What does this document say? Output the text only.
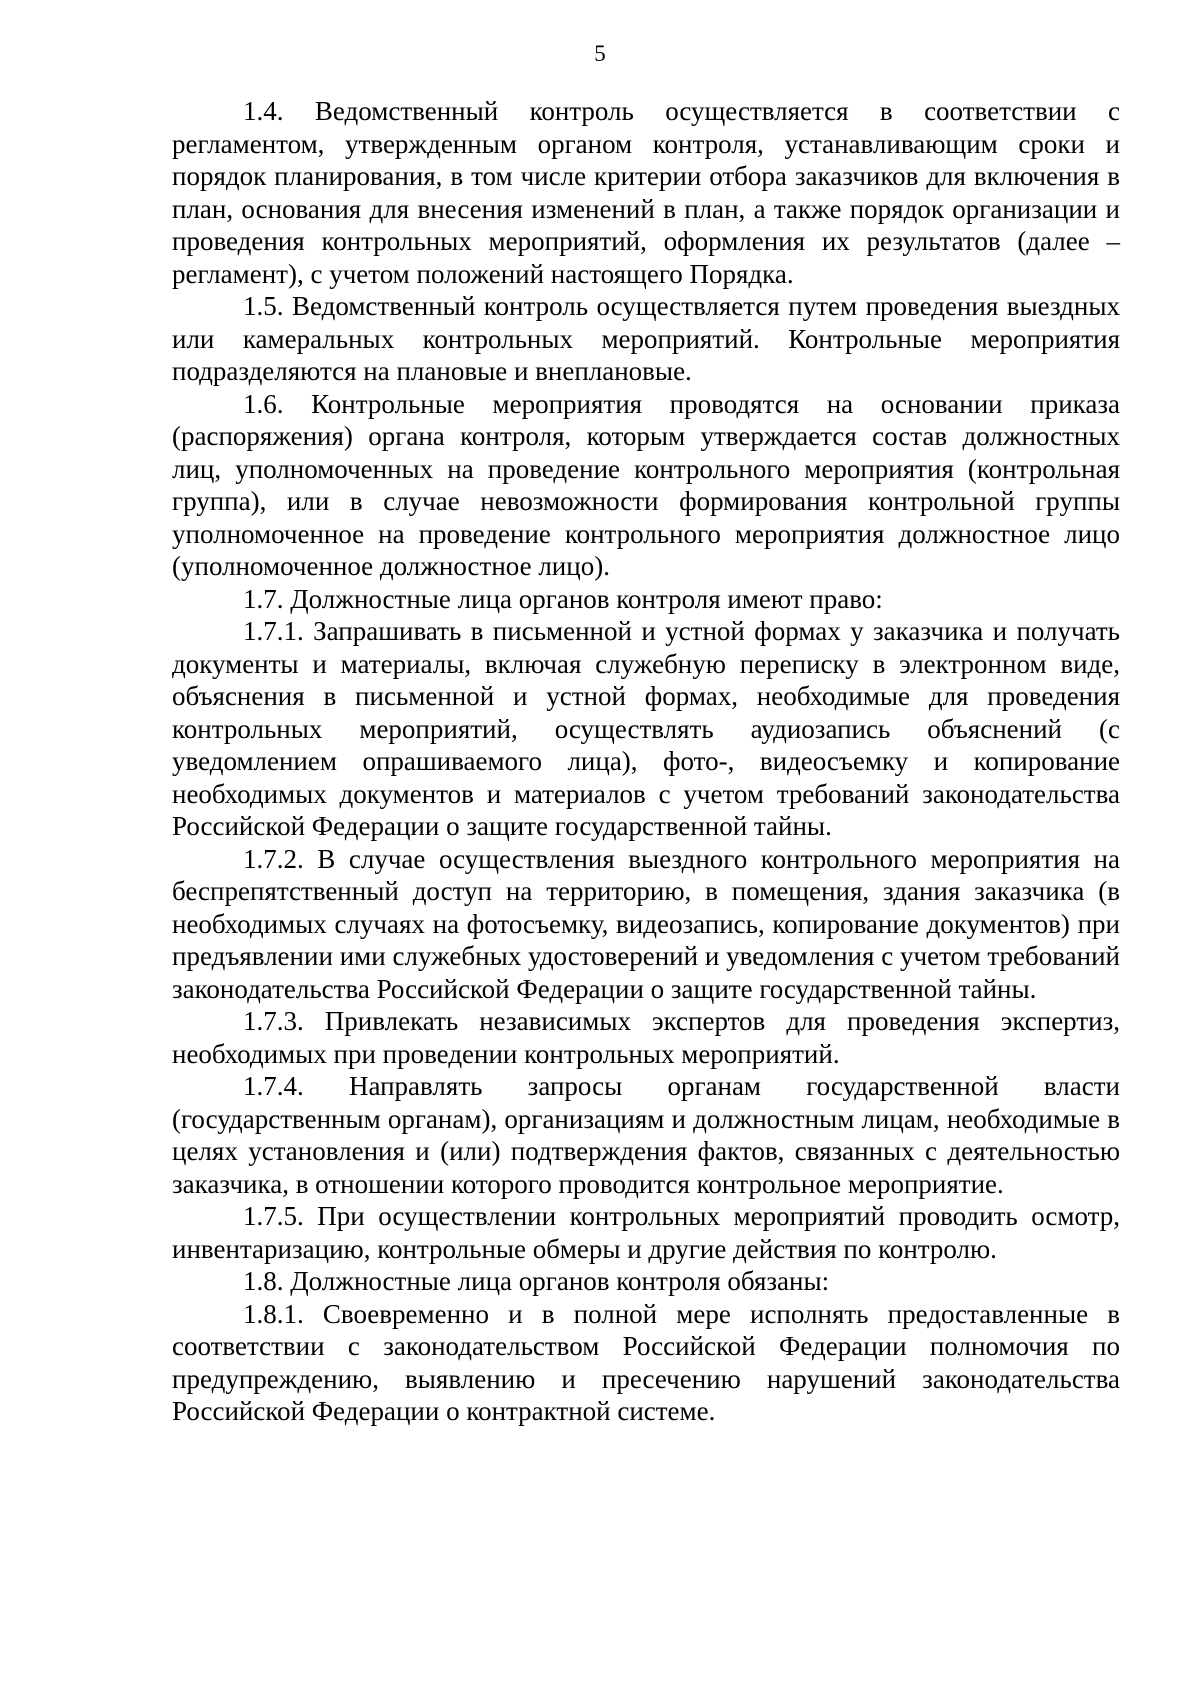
5

1.4. Ведомственный контроль осуществляется в соответствии с регламентом, утвержденным органом контроля, устанавливающим сроки и порядок планирования, в том числе критерии отбора заказчиков для включения в план, основания для внесения изменений в план, а также порядок организации и проведения контрольных мероприятий, оформления их результатов (далее – регламент), с учетом положений настоящего Порядка.

1.5. Ведомственный контроль осуществляется путем проведения выездных или камеральных контрольных мероприятий. Контрольные мероприятия подразделяются на плановые и внеплановые.

1.6. Контрольные мероприятия проводятся на основании приказа (распоряжения) органа контроля, которым утверждается состав должностных лиц, уполномоченных на проведение контрольного мероприятия (контрольная группа), или в случае невозможности формирования контрольной группы уполномоченное на проведение контрольного мероприятия должностное лицо (уполномоченное должностное лицо).

1.7. Должностные лица органов контроля имеют право:

1.7.1. Запрашивать в письменной и устной формах у заказчика и получать документы и материалы, включая служебную переписку в электронном виде, объяснения в письменной и устной формах, необходимые для проведения контрольных мероприятий, осуществлять аудиозапись объяснений (с уведомлением опрашиваемого лица), фото-, видеосъемку и копирование необходимых документов и материалов с учетом требований законодательства Российской Федерации о защите государственной тайны.

1.7.2. В случае осуществления выездного контрольного мероприятия на беспрепятственный доступ на территорию, в помещения, здания заказчика (в необходимых случаях на фотосъемку, видеозапись, копирование документов) при предъявлении ими служебных удостоверений и уведомления с учетом требований законодательства Российской Федерации о защите государственной тайны.

1.7.3. Привлекать независимых экспертов для проведения экспертиз, необходимых при проведении контрольных мероприятий.

1.7.4. Направлять запросы органам государственной власти (государственным органам), организациям и должностным лицам, необходимые в целях установления и (или) подтверждения фактов, связанных с деятельностью заказчика, в отношении которого проводится контрольное мероприятие.

1.7.5. При осуществлении контрольных мероприятий проводить осмотр, инвентаризацию, контрольные обмеры и другие действия по контролю.

1.8. Должностные лица органов контроля обязаны:

1.8.1. Своевременно и в полной мере исполнять предоставленные в соответствии с законодательством Российской Федерации полномочия по предупреждению, выявлению и пресечению нарушений законодательства Российской Федерации о контрактной системе.
